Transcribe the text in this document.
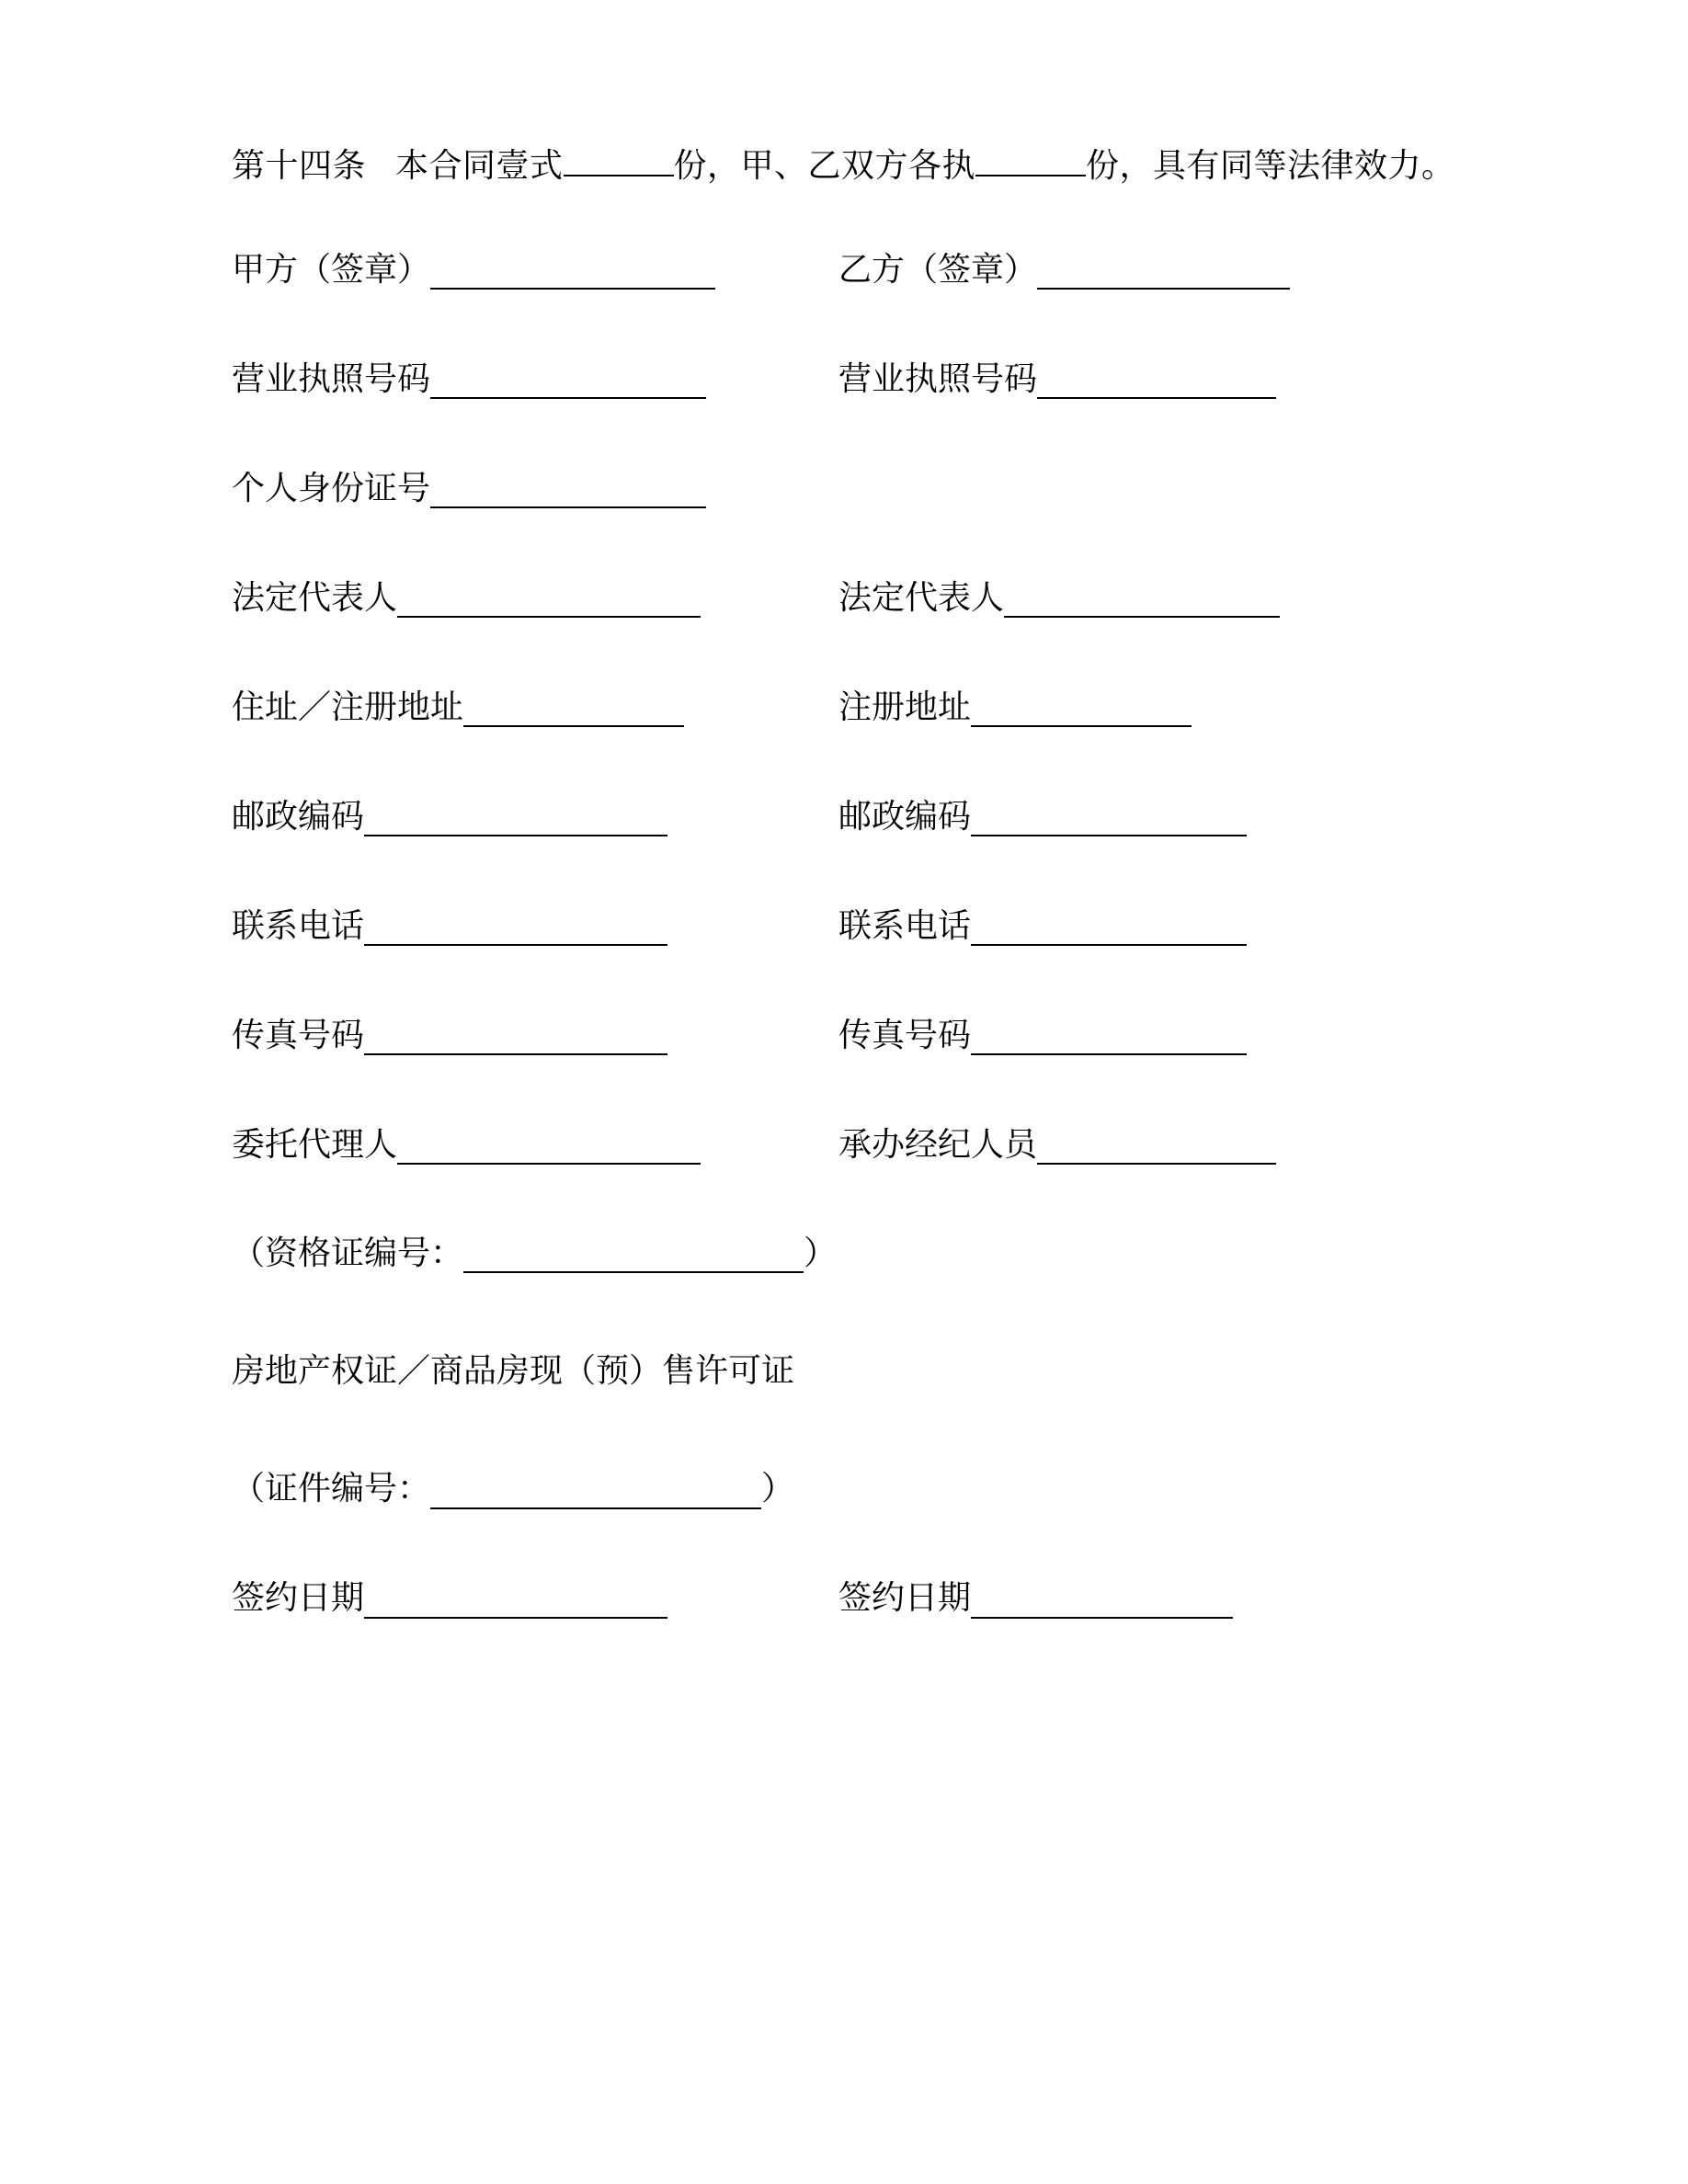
第十四条 本合同壹式	份，甲、乙双方各执	份，具有同等法律效力。

甲方（签章）	乙方（签章）
营业执照号码	营业执照号码
个人身份证号
法定代表人	法定代表人
住址／注册地址	注册地址
邮政编码	邮政编码
联系电话	联系电话
传真号码	传真号码
委托代理人	承办经纪人员
（资格证编号：	）
房地产权证／商品房现（预）售许可证
（证件编号：	）
签约日期	签约日期
